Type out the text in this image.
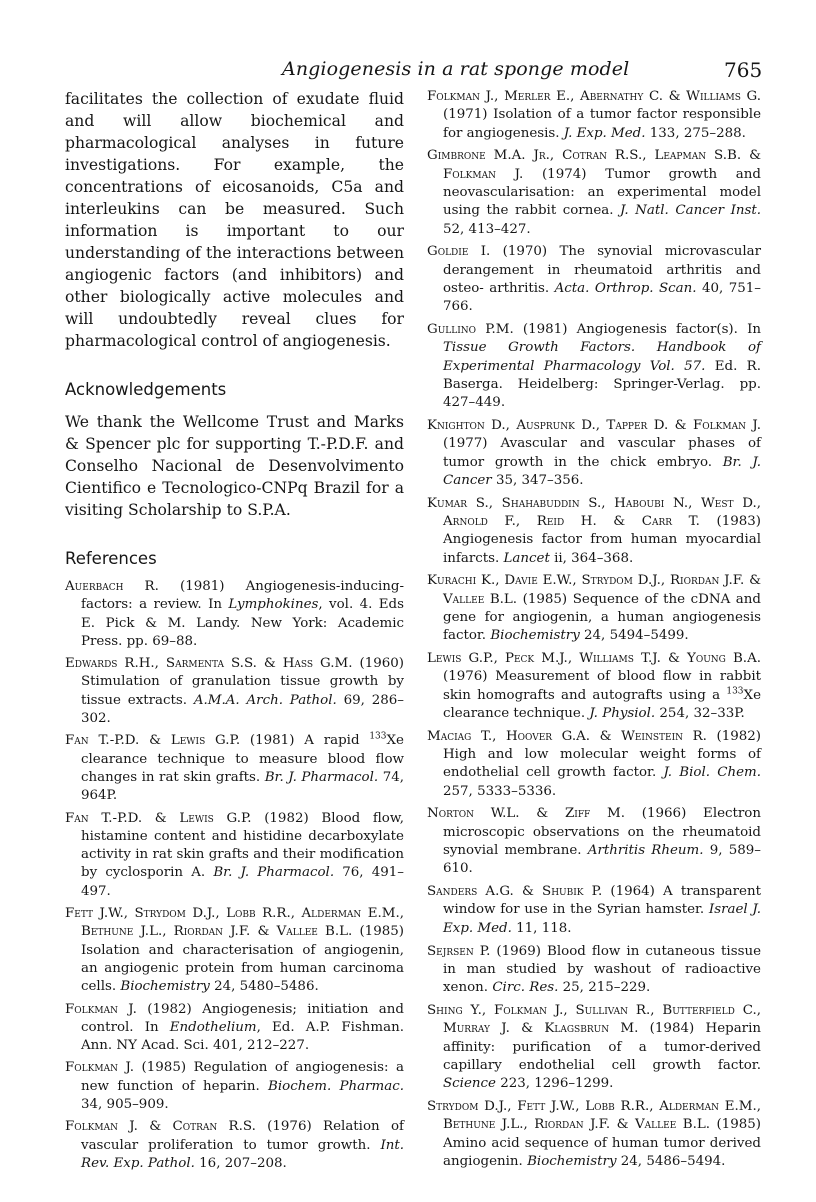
Angiogenesis in a rat sponge model	765

facilitates the collection of exudate fluid and will allow biochemical and pharmacological analyses in future investigations. For example, the concentrations of eicosanoids, C5a and interleukins can be measured. Such information is important to our understanding of the interactions between angiogenic factors (and inhibitors) and other biologically active molecules and will undoubtedly reveal clues for pharmacological control of angiogenesis.

Acknowledgements

We thank the Wellcome Trust and Marks & Spencer plc for supporting T.-P.D.F. and Conselho Nacional de Desenvolvimento Cientifico e Tecnologico-CNPq Brazil for a visiting Scholarship to S.P.A.

References
Auerbach R. (1981) Angiogenesis-inducing-factors: a review. In Lymphokines, vol. 4. Eds E. Pick & M. Landy. New York: Academic Press. pp. 69–88.
Edwards R.H., Sarmenta S.S. & Hass G.M. (1960) Stimulation of granulation tissue growth by tissue extracts. A.M.A. Arch. Pathol. 69, 286–302.
Fan T.-P.D. & Lewis G.P. (1981) A rapid $^{133}$Xe clearance technique to measure blood flow changes in rat skin grafts. Br. J. Pharmacol. 74, 964P.
Fan T.-P.D. & Lewis G.P. (1982) Blood flow, histamine content and histidine decarboxylate activity in rat skin grafts and their modification by cyclosporin A. Br. J. Pharmacol. 76, 491–497.
Fett J.W., Strydom D.J., Lobb R.R., Alderman E.M., Bethune J.L., Riordan J.F. & Vallee B.L. (1985) Isolation and characterisation of angiogenin, an angiogenic protein from human carcinoma cells. Biochemistry 24, 5480–5486.
Folkman J. (1982) Angiogenesis; initiation and control. In Endothelium, Ed. A.P. Fishman. Ann. NY Acad. Sci. 401, 212–227.
Folkman J. (1985) Regulation of angiogenesis: a new function of heparin. Biochem. Pharmac. 34, 905–909.
Folkman J. & Cotran R.S. (1976) Relation of vascular proliferation to tumor growth. Int. Rev. Exp. Pathol. 16, 207–208.
Folkman J., Merler E., Abernathy C. & Williams G. (1971) Isolation of a tumor factor responsible for angiogenesis. J. Exp. Med. 133, 275–288.
Gimbrone M.A. Jr., Cotran R.S., Leapman S.B. & Folkman J. (1974) Tumor growth and neovascularisation: an experimental model using the rabbit cornea. J. Natl. Cancer Inst. 52, 413–427.
Goldie I. (1970) The synovial microvascular derangement in rheumatoid arthritis and osteo- arthritis. Acta. Orthrop. Scan. 40, 751–766.
Gullino P.M. (1981) Angiogenesis factor(s). In Tissue Growth Factors. Handbook of Experimental Pharmacology Vol. 57. Ed. R. Baserga. Heidelberg: Springer-Verlag. pp. 427–449.
Knighton D., Ausprunk D., Tapper D. & Folkman J. (1977) Avascular and vascular phases of tumor growth in the chick embryo. Br. J. Cancer 35, 347–356.
Kumar S., Shahabuddin S., Haboubi N., West D., Arnold F., Reid H. & Carr T. (1983) Angiogenesis factor from human myocardial infarcts. Lancet ii, 364–368.
Kurachi K., Davie E.W., Strydom D.J., Riordan J.F. & Vallee B.L. (1985) Sequence of the cDNA and gene for angiogenin, a human angiogenesis factor. Biochemistry 24, 5494–5499.
Lewis G.P., Peck M.J., Williams T.J. & Young B.A. (1976) Measurement of blood flow in rabbit skin homografts and autografts using a $^{133}$Xe clearance technique. J. Physiol. 254, 32–33P.
Maciag T., Hoover G.A. & Weinstein R. (1982) High and low molecular weight forms of endothelial cell growth factor. J. Biol. Chem. 257, 5333–5336.
Norton W.L. & Ziff M. (1966) Electron microscopic observations on the rheumatoid synovial membrane. Arthritis Rheum. 9, 589–610.
Sanders A.G. & Shubik P. (1964) A transparent window for use in the Syrian hamster. Israel J. Exp. Med. 11, 118.
Sejrsen P. (1969) Blood flow in cutaneous tissue in man studied by washout of radioactive xenon. Circ. Res. 25, 215–229.
Shing Y., Folkman J., Sullivan R., Butterfield C., Murray J. & Klagsbrun M. (1984) Heparin affinity: purification of a tumor-derived capillary endothelial cell growth factor. Science 223, 1296–1299.
Strydom D.J., Fett J.W., Lobb R.R., Alderman E.M., Bethune J.L., Riordan J.F. & Vallee B.L. (1985) Amino acid sequence of human tumor derived angiogenin. Biochemistry 24, 5486–5494.
